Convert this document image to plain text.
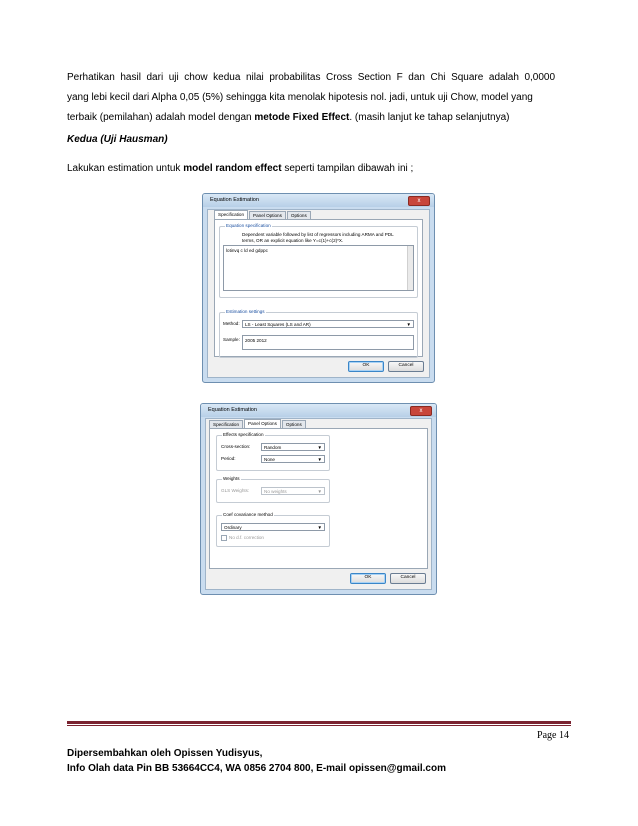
Perhatikan  hasil  dari  uji  chow  kedua  nilai  probabilitas  Cross  Section  F  dan  Chi  Square  adalah  0,0000
yang lebi kecil dari Alpha 0,05 (5%) sehingga kita menolak hipotesis nol. jadi, untuk uji Chow, model yang
terbaik (pemilahan) adalah model dengan metode Fixed Effect. (masih lanjut ke tahap selanjutnya)
Kedua (Uji Hausman)
Lakukan estimation untuk model random effect seperti tampilan dibawah ini ;
Equation Estimation	x
Specification	Panel Options	Options
Equation specification
Dependent variable followed by list of regressors including ARMA and PDL terms, OR an explicit equation like Y=c(1)+c(2)*X.
lotinvq c ld ed gdppc
Estimation settings
Method:	LS - Least Squares (LS and AR)	▼
Sample:	2005 2012
OK	Cancel
Equation Estimation	x
Specification	Panel Options	Options
Effects specification
Cross-section:	Random	▼
Period:	None	▼
Weights
GLS Weights:	No weights	▼
Coef covariance method
Ordinary	▼
No d.f. correction
OK	Cancel
Page 14
Dipersembahkan oleh Opissen Yudisyus,
Info Olah data Pin BB 53664CC4, WA 0856 2704 800, E-mail opissen@gmail.com
